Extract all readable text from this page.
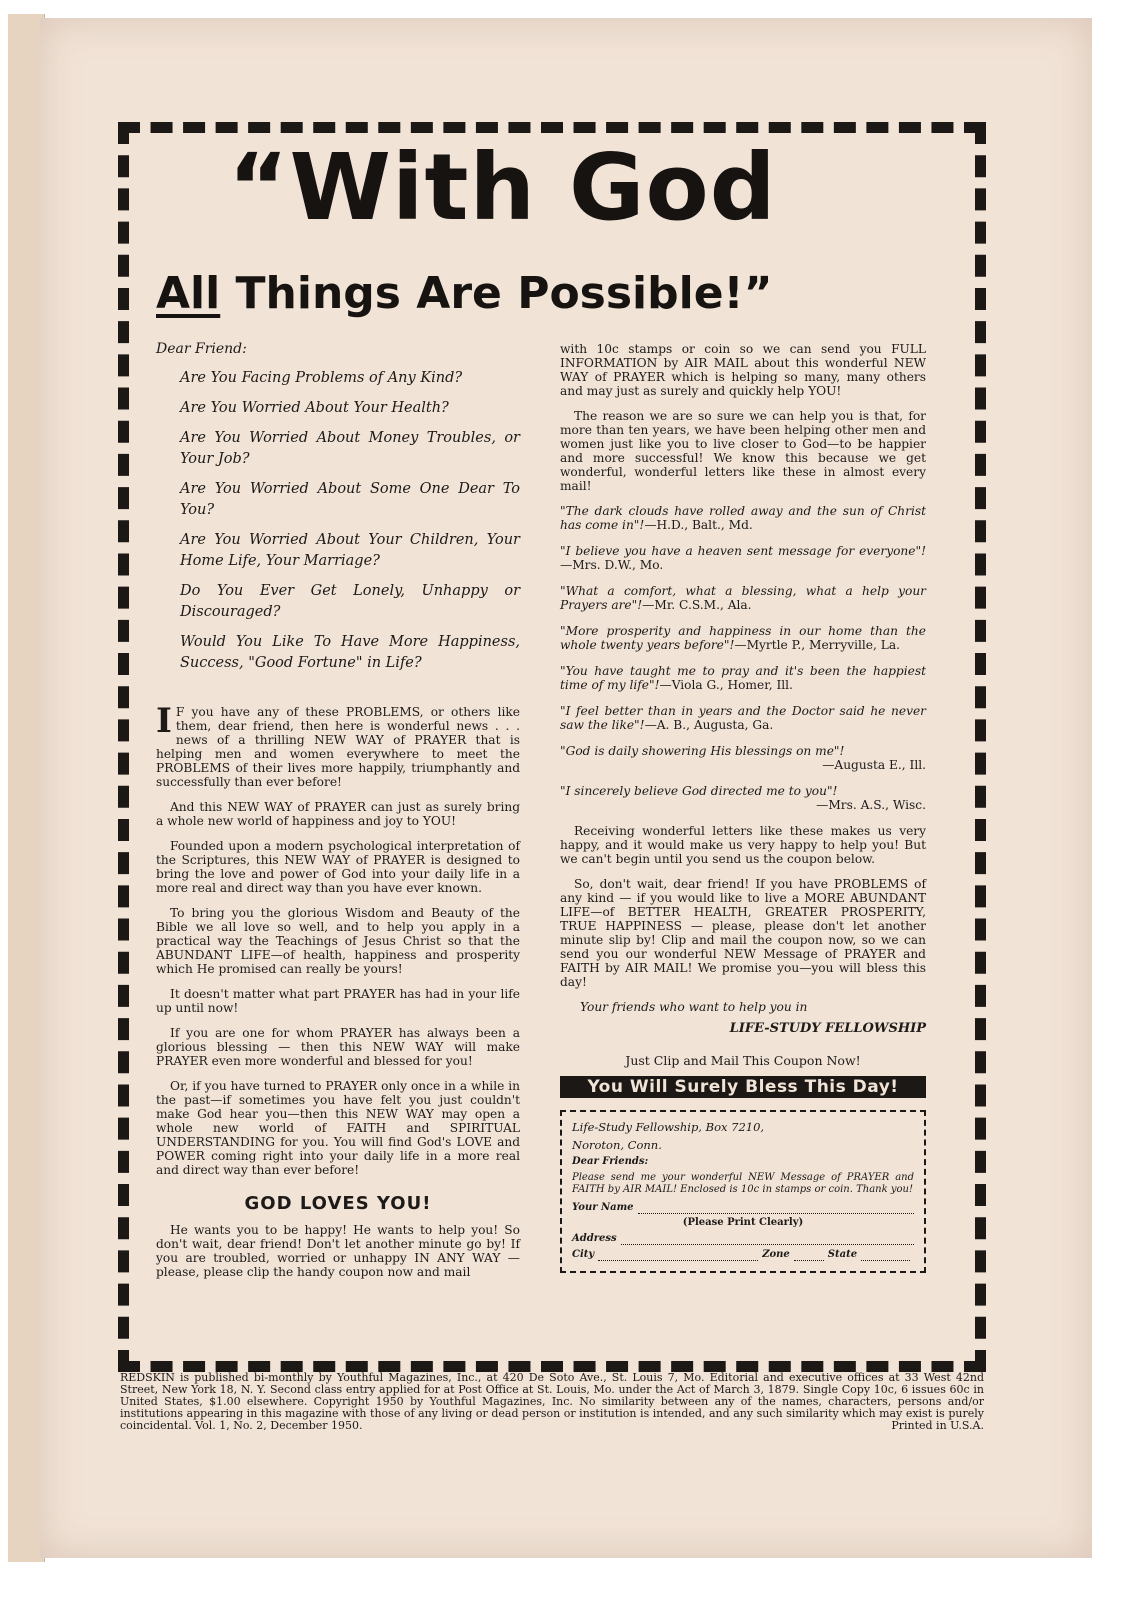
“With God
All Things Are Possible!”
Dear Friend:
Are You Facing Problems of Any Kind?
Are You Worried About Your Health?
Are You Worried About Money Troubles, or Your Job?
Are You Worried About Some One Dear To You?
Are You Worried About Your Children, Your Home Life, Your Marriage?
Do You Ever Get Lonely, Unhappy or Discouraged?
Would You Like To Have More Happiness, Success, "Good Fortune" in Life?

I F you have any of these PROBLEMS, or others like them, dear friend, then here is wonderful news . . . news of a thrilling NEW WAY of PRAYER that is helping men and women everywhere to meet the PROBLEMS of their lives more happily, triumphantly and successfully than ever before!

And this NEW WAY of PRAYER can just as surely bring a whole new world of happiness and joy to YOU!

Founded upon a modern psychological interpretation of the Scriptures, this NEW WAY of PRAYER is designed to bring the love and power of God into your daily life in a more real and direct way than you have ever known.

To bring you the glorious Wisdom and Beauty of the Bible we all love so well, and to help you apply in a practical way the Teachings of Jesus Christ so that the ABUNDANT LIFE—of health, happiness and prosperity which He promised can really be yours!

It doesn't matter what part PRAYER has had in your life up until now!

If you are one for whom PRAYER has always been a glorious blessing — then this NEW WAY will make PRAYER even more wonderful and blessed for you!

Or, if you have turned to PRAYER only once in a while in the past—if sometimes you have felt you just couldn't make God hear you—then this NEW WAY may open a whole new world of FAITH and SPIRITUAL UNDERSTANDING for you. You will find God's LOVE and POWER coming right into your daily life in a more real and direct way than ever before!

GOD LOVES YOU!

He wants you to be happy! He wants to help you! So don't wait, dear friend! Don't let another minute go by! If you are troubled, worried or unhappy IN ANY WAY —please, please clip the handy coupon now and mail

with 10c stamps or coin so we can send you FULL INFORMATION by AIR MAIL about this wonderful NEW WAY of PRAYER which is helping so many, many others and may just as surely and quickly help YOU!

The reason we are so sure we can help you is that, for more than ten years, we have been helping other men and women just like you to live closer to God—to be happier and more successful! We know this because we get wonderful, wonderful letters like these in almost every mail!

"The dark clouds have rolled away and the sun of Christ has come in"!—H.D., Balt., Md.
"I believe you have a heaven sent message for everyone"!—Mrs. D.W., Mo.
"What a comfort, what a blessing, what a help your Prayers are"!—Mr. C.S.M., Ala.
"More prosperity and happiness in our home than the whole twenty years before"!—Myrtle P., Merryville, La.
"You have taught me to pray and it's been the happiest time of my life"!—Viola G., Homer, Ill.
"I feel better than in years and the Doctor said he never saw the like"!—A. B., Augusta, Ga.
"God is daily showering His blessings on me"!
—Augusta E., Ill.
"I sincerely believe God directed me to you"!
—Mrs. A.S., Wisc.

Receiving wonderful letters like these makes us very happy, and it would make us very happy to help you! But we can't begin until you send us the coupon below.

So, don't wait, dear friend! If you have PROBLEMS of any kind — if you would like to live a MORE ABUNDANT LIFE—of BETTER HEALTH, GREATER PROSPERITY, TRUE HAPPINESS — please, please don't let another minute slip by! Clip and mail the coupon now, so we can send you our wonderful NEW Message of PRAYER and FAITH by AIR MAIL! We promise you—you will bless this day!

Your friends who want to help you in
LIFE-STUDY FELLOWSHIP
Just Clip and Mail This Coupon Now!
You Will Surely Bless This Day!
Life-Study Fellowship, Box 7210,
Noroton, Conn.
Dear Friends:
Please send me your wonderful NEW Message of PRAYER and FAITH by AIR MAIL! Enclosed is 10c in stamps or coin. Thank you!
Your Name
(Please Print Clearly)
Address
City	Zone	State
REDSKIN is published bi-monthly by Youthful Magazines, Inc., at 420 De Soto Ave., St. Louis 7, Mo. Editorial and executive offices at 33 West 42nd Street, New York 18, N. Y. Second class entry applied for at Post Office at St. Louis, Mo. under the Act of March 3, 1879. Single Copy 10c, 6 issues 60c in United States, $1.00 elsewhere. Copyright 1950 by Youthful Magazines, Inc. No similarity between any of the names, characters, persons and/or institutions appearing in this magazine with those of any living or dead person or institution is intended, and any such similarity which may exist is purely coincidental. Vol. 1, No. 2, December 1950.	Printed in U.S.A.
